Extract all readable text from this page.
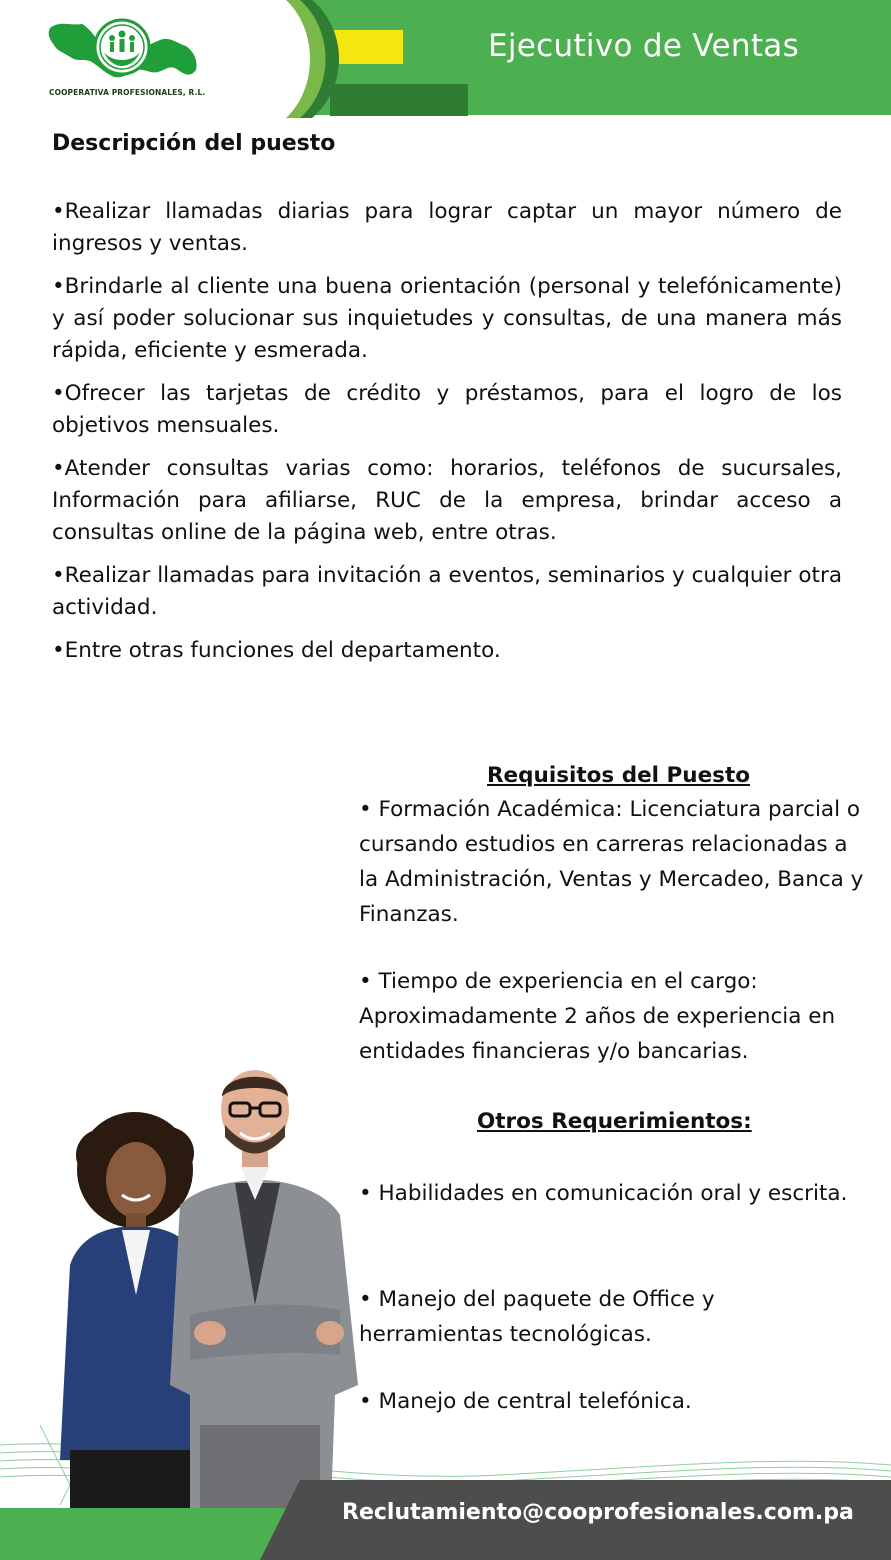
COOPERATIVA PROFESIONALES, R.L.
Ejecutivo de Ventas
Descripción del puesto

•Realizar llamadas diarias para lograr captar un mayor número de ingresos y ventas.

•Brindarle al cliente una buena orientación (personal y telefónicamente) y así poder solucionar sus inquietudes y consultas, de una manera más rápida, eficiente y esmerada.

•Ofrecer las tarjetas de crédito y préstamos, para el logro de los objetivos mensuales.

•Atender consultas varias como: horarios, teléfonos de sucursales, Información para afiliarse, RUC de la empresa, brindar acceso a consultas online de la página web, entre otras.

•Realizar llamadas para invitación a eventos, seminarios y cualquier otra actividad.

•Entre otras funciones del departamento.

Requisitos del Puesto
• Formación Académica: Licenciatura parcial o cursando estudios en carreras relacionadas a la Administración, Ventas y Mercadeo, Banca y Finanzas.
• Tiempo de experiencia en el cargo: Aproximadamente 2 años de experiencia en entidades financieras y/o bancarias.
Otros Requerimientos:
• Habilidades en comunicación oral y escrita.
• Manejo del paquete de Office y herramientas tecnológicas.
• Manejo de central telefónica.
Reclutamiento@cooprofesionales.com.pa
